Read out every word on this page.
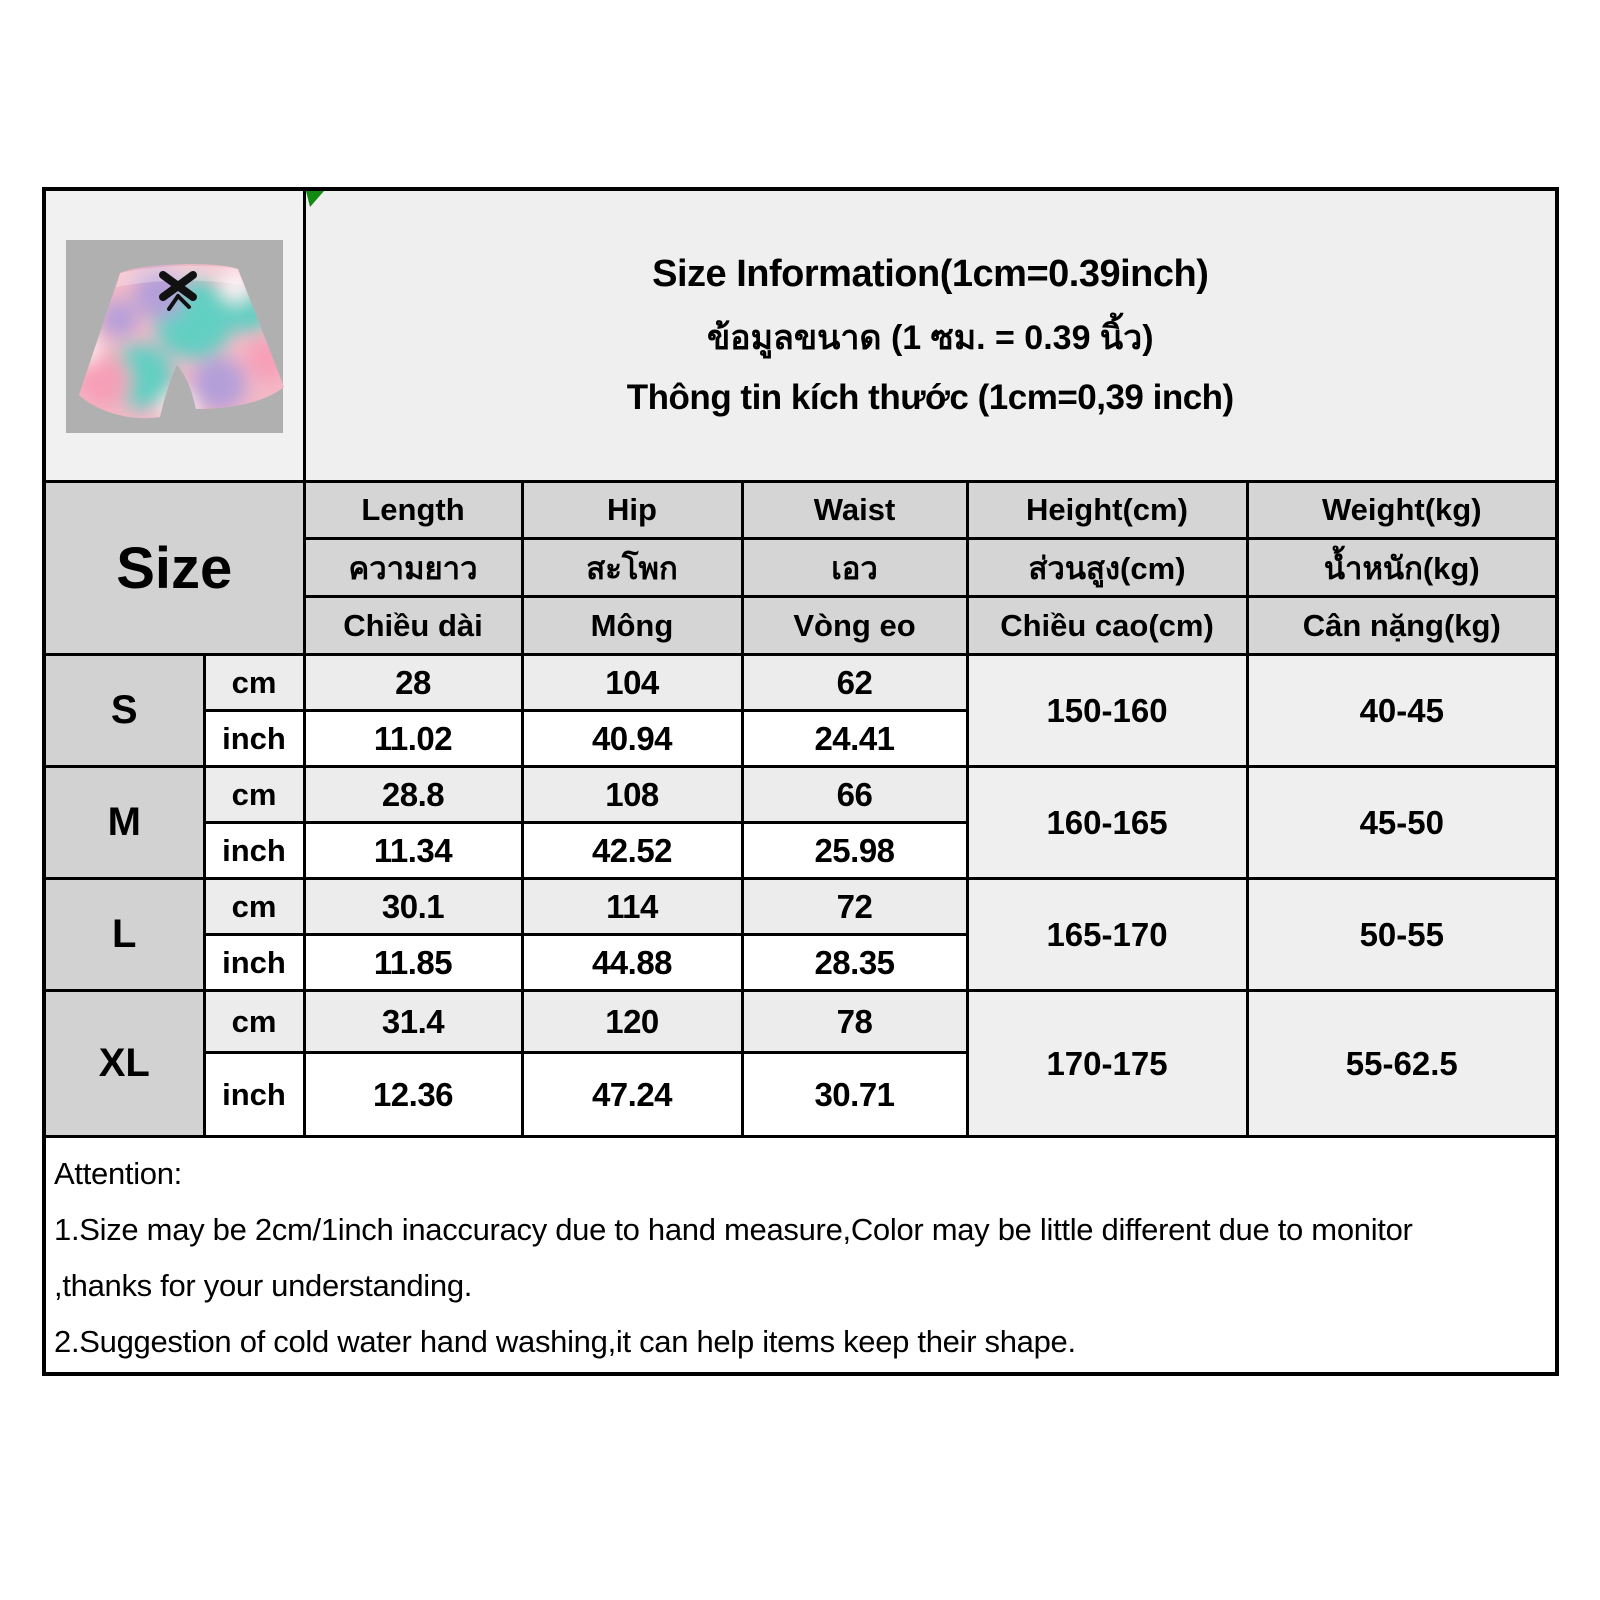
Size Information(1cm=0.39inch)
ข้อมูลขนาด (1 ซม. = 0.39 นิ้ว)
Thông tin kích thước (1cm=0,39 inch)				

Size		Length	Hip	Waist	Height(cm)	Weight(kg)
		ความยาว	สะโพก	เอว	ส่วนสูง(cm)	น้ำหนัก(kg)
		Chiều dài	Mông	Vòng eo	Chiều cao(cm)	Cân nặng(kg)
S	cm	28	104	62	150-160	40-45
	inch	11.02	40.94	24.41		
M	cm	28.8	108	66	160-165	45-50
	inch	11.34	42.52	25.98		
L	cm	30.1	114	72	165-170	50-55
	inch	11.85	44.88	28.35		
XL	cm	31.4	120	78	170-175	55-62.5
	inch	12.36	47.24	30.71		

Attention:
1.Size may be 2cm/1inch inaccuracy due to hand measure,Color may be little different due to monitor
,thanks for your understanding.
2.Suggestion of cold water hand washing,it can help items keep their shape.						
